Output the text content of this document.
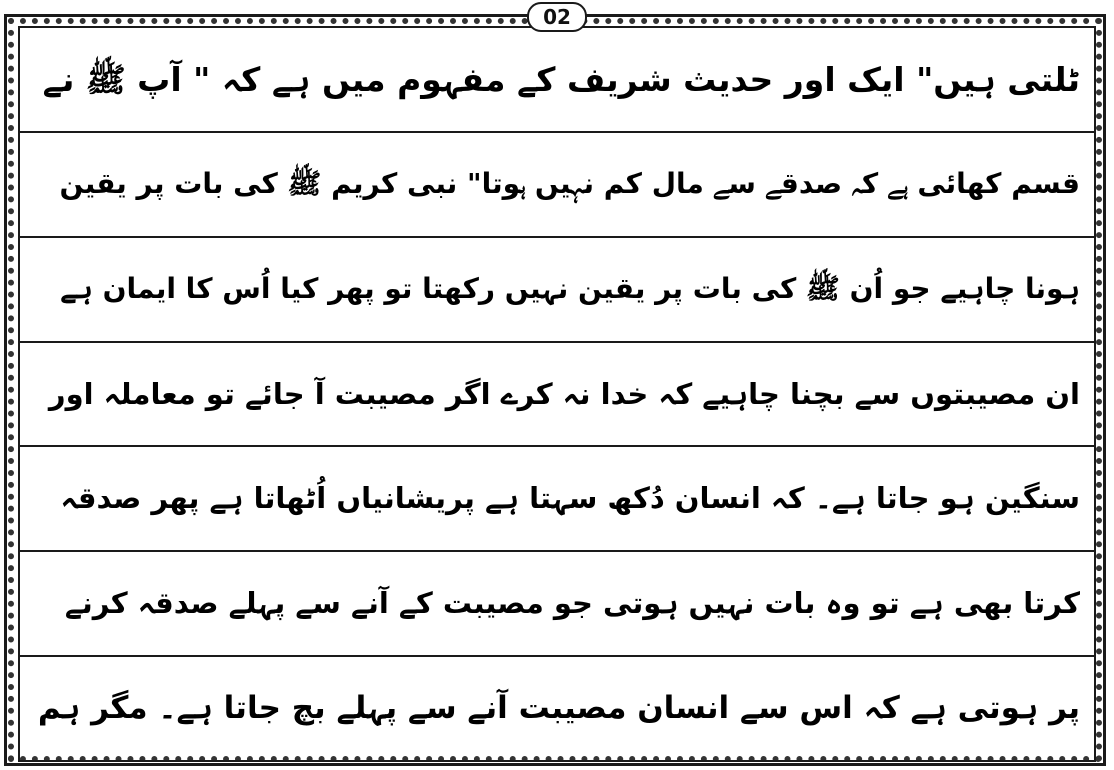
02
ٹلتی ہیں" ایک اور حدیث شریف کے مفہوم میں ہے کہ " آپ ﷺ نے
قسم کھائی ہے کہ صدقے سے مال کم نہیں ہوتا" نبی کریم ﷺ کی بات پر یقین
ہونا چاہیے جو اُن ﷺ کی بات پر یقین نہیں رکھتا تو پھر کیا اُس کا ایمان ہے
ان مصیبتوں سے بچنا چاہیے کہ خدا نہ کرے اگر مصیبت آ جائے تو معاملہ اور
سنگین ہو جاتا ہے۔ کہ انسان دُکھ سہتا ہے پریشانیاں اُٹھاتا ہے پھر صدقہ
کرتا بھی ہے تو وہ بات نہیں ہوتی جو مصیبت کے آنے سے پہلے صدقہ کرنے
پر ہوتی ہے کہ اس سے انسان مصیبت آنے سے پہلے بچ جاتا ہے۔ مگر ہم
